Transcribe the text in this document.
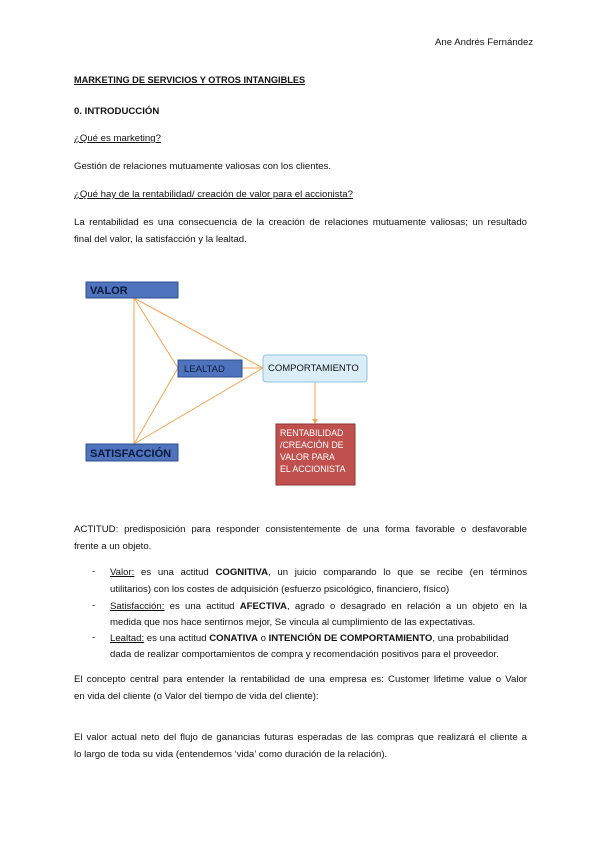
Ane Andrés Fernández
MARKETING DE SERVICIOS Y OTROS INTANGIBLES
0. INTRODUCCIÓN
¿Qué es marketing?
Gestión de relaciones mutuamente valiosas con los clientes.
¿Qué hay de la rentabilidad/ creación de valor para el accionista?
La rentabilidad es una consecuencia de la creación de relaciones mutuamente valiosas; un resultado
final del valor, la satisfacción y la lealtad.
VALOR
SATISFACCIÓN
LEALTAD	COMPORTAMIENTO
RENTABILIDAD /CREACIÓN DE VALOR PARA EL ACCIONISTA
ACTITUD: predisposición para responder consistentemente de una forma favorable o desfavorable
frente a un objeto.
- Valor: es una actitud COGNITIVA, un juicio comparando lo que se recibe (en términos
utilitarios) con los costes de adquisición (esfuerzo psicológico, financiero, físico)
- Satisfacción: es una actitud AFECTIVA, agrado o desagrado en relación a un objeto en la
medida que nos hace sentirnos mejor, Se vincula al cumplimiento de las expectativas.
- Lealtad: es una actitud CONATIVA o INTENCIÓN DE COMPORTAMIENTO, una probabilidad
dada de realizar comportamientos de compra y recomendación positivos para el proveedor.
El concepto central para entender la rentabilidad de una empresa es: Customer lifetime value o Valor
en vida del cliente (o Valor del tiempo de vida del cliente):
El valor actual neto del flujo de ganancias futuras esperadas de las compras que realizará el cliente a
lo largo de toda su vida (entendemos ‘vida’ como duración de la relación).
